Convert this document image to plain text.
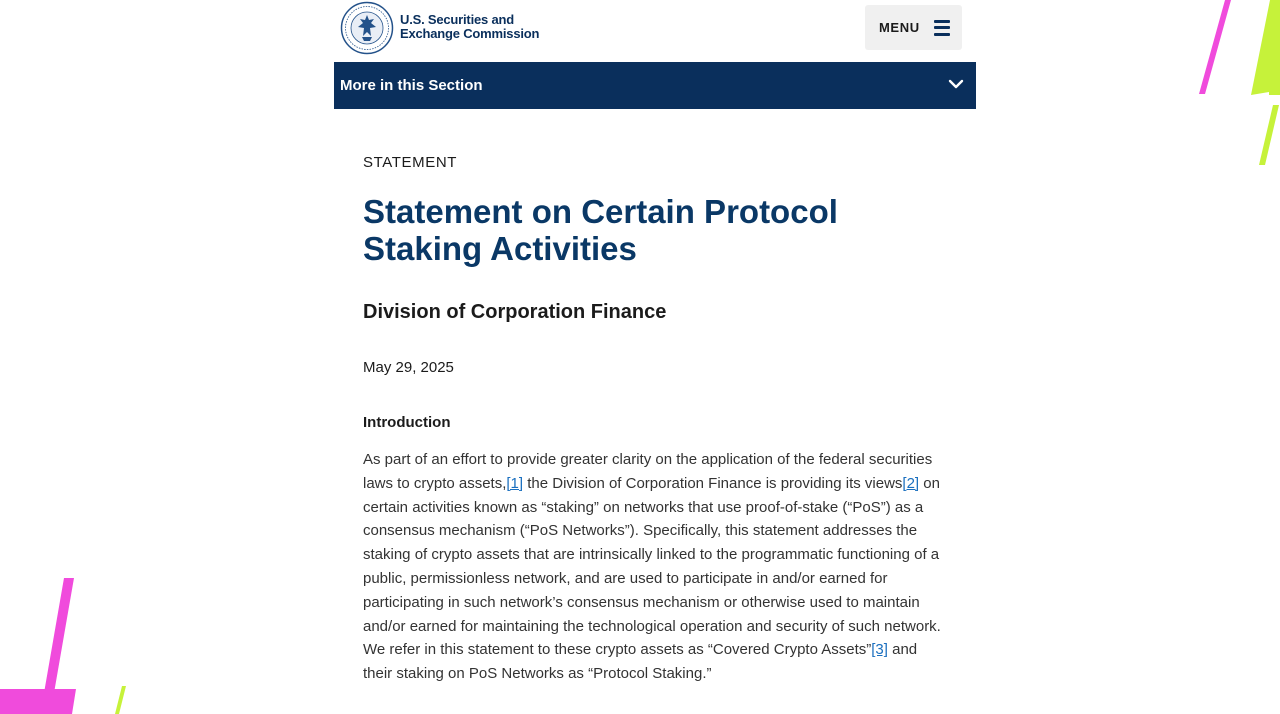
U.S. Securities and
Exchange Commission	MENU
More in this Section
STATEMENT
Statement on Certain Protocol Staking Activities
Division of Corporation Finance
May 29, 2025
Introduction

As part of an effort to provide greater clarity on the application of the federal securities laws to crypto assets,[1] the Division of Corporation Finance is providing its views[2] on certain activities known as “staking” on networks that use proof-of-stake (“PoS”) as a consensus mechanism (“PoS Networks”). Specifically, this statement addresses the staking of crypto assets that are intrinsically linked to the programmatic functioning of a public, permissionless network, and are used to participate in and/or earned for participating in such network’s consensus mechanism or otherwise used to maintain and/or earned for maintaining the technological operation and security of such network. We refer in this statement to these crypto assets as “Covered Crypto Assets”[3] and their staking on PoS Networks as “Protocol Staking.”
